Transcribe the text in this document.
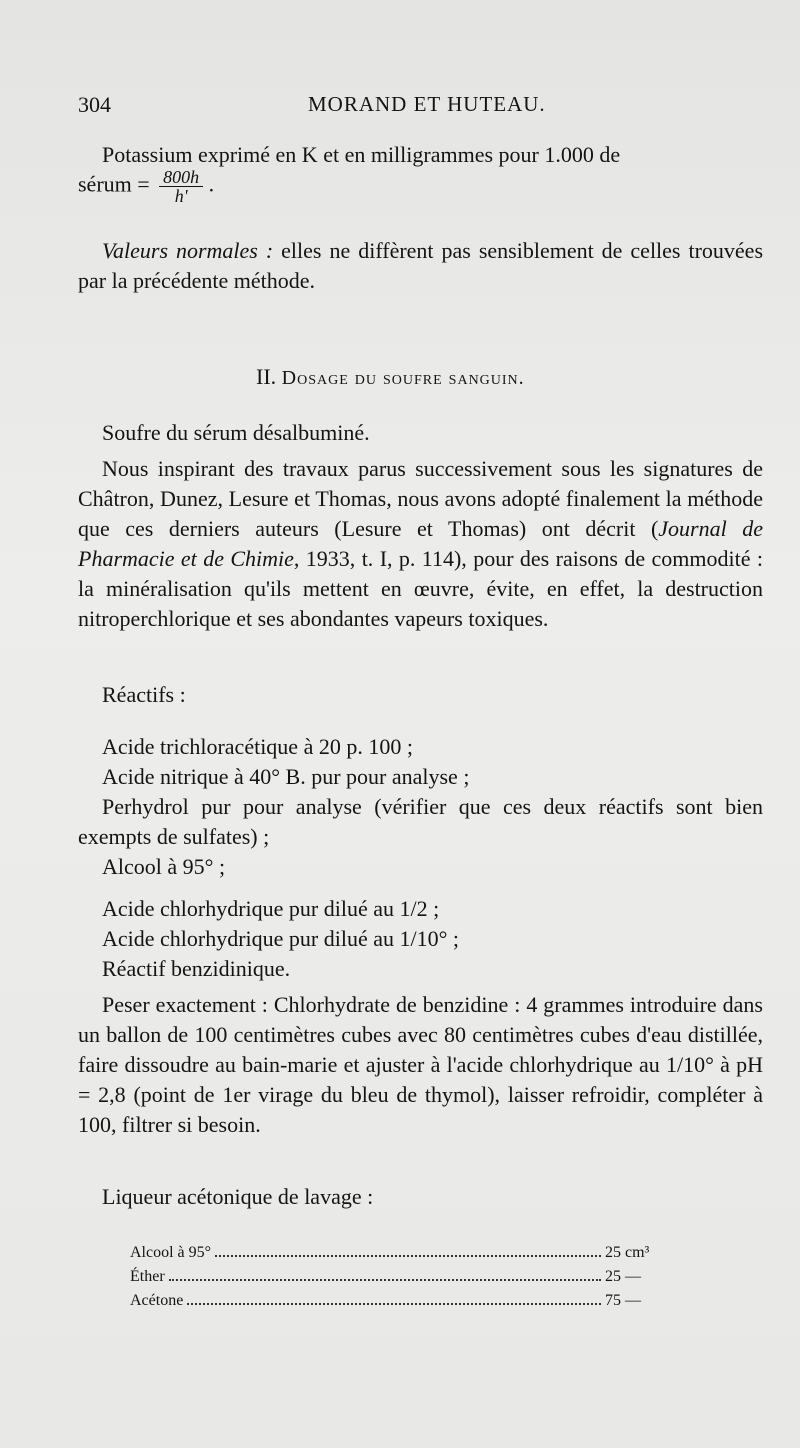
304	MORAND ET HUTEAU.
Potassium exprimé en K et en milligrammes pour 1.000 de
sérum = $\frac{800h}{h'}$ .
Valeurs normales : elles ne diffèrent pas sensiblement de celles trouvées par la précédente méthode.
II. Dosage du soufre sanguin.
Soufre du sérum désalbuminé.
Nous inspirant des travaux parus successivement sous les signatures de Châtron, Dunez, Lesure et Thomas, nous avons adopté finalement la méthode que ces derniers auteurs (Lesure et Thomas) ont décrit (Journal de Pharmacie et de Chimie, 1933, t. I, p. 114), pour des raisons de commodité : la minéralisation qu'ils mettent en œuvre, évite, en effet, la destruction nitroperchlorique et ses abondantes vapeurs toxiques.
Réactifs :
Acide trichloracétique à 20 p. 100 ;
Acide nitrique à 40° B. pur pour analyse ;
Perhydrol pur pour analyse (vérifier que ces deux réactifs sont bien exempts de sulfates) ;
Alcool à 95° ;
Acide chlorhydrique pur dilué au 1/2 ;
Acide chlorhydrique pur dilué au 1/10° ;
Réactif benzidinique.
Peser exactement : Chlorhydrate de benzidine : 4 grammes introduire dans un ballon de 100 centimètres cubes avec 80 centimètres cubes d'eau distillée, faire dissoudre au bain-marie et ajuster à l'acide chlorhydrique au 1/10° à pH = 2,8 (point de 1er virage du bleu de thymol), laisser refroidir, compléter à 100, filtrer si besoin.
Liqueur acétonique de lavage :
Alcool à 95°	25 cm³
Éther	25 —
Acétone	75 —
